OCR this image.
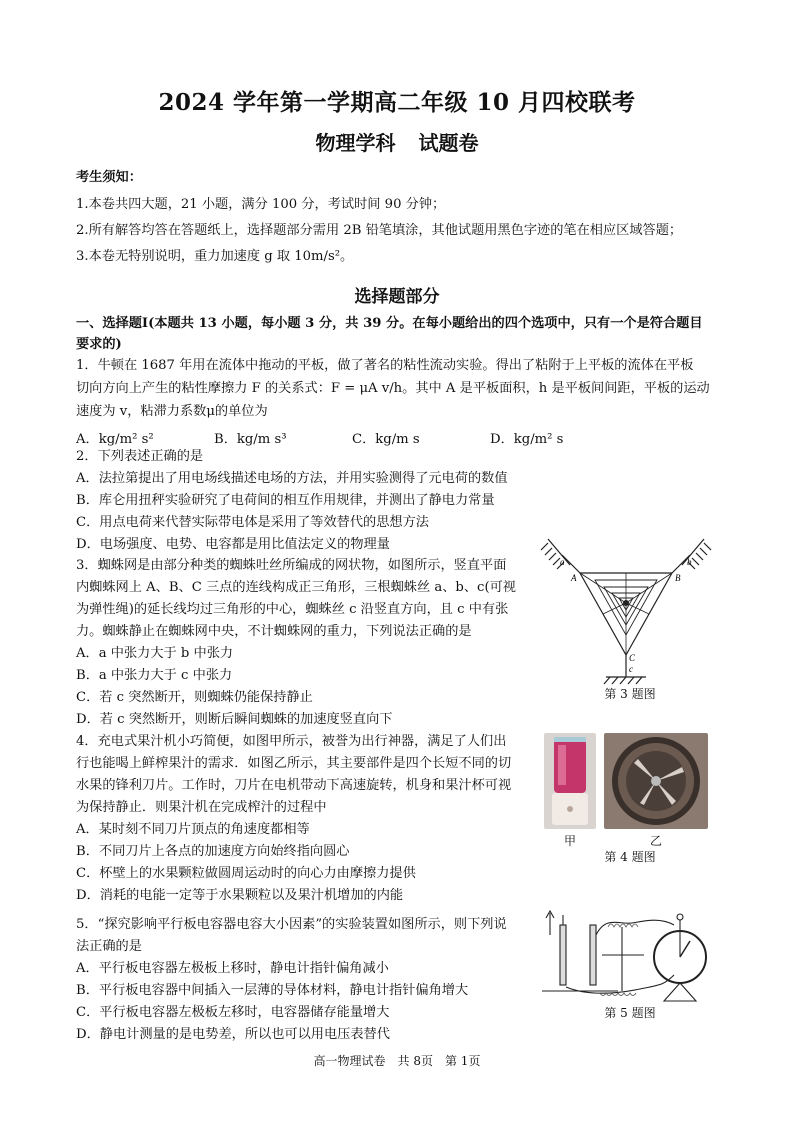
2024 学年第一学期高二年级 10 月四校联考
物理学科 试题卷
考生须知：
1.本卷共四大题，21 小题，满分 100 分，考试时间 90 分钟；
2.所有解答均答在答题纸上，选择题部分需用 2B 铅笔填涂，其他试题用黑色字迹的笔在相应区域答题；
3.本卷无特别说明，重力加速度 g 取 10m/s²。
选择题部分
一、选择题Ⅰ(本题共 13 小题，每小题 3 分，共 39 分。在每小题给出的四个选项中，只有一个是符合题目
要求的)
1．牛顿在 1687 年用在流体中拖动的平板，做了著名的粘性流动实验。得出了粘附于上平板的流体在平板
切向方向上产生的粘性摩擦力 F 的关系式：F = μA v/h。其中 A 是平板面积，h 是平板间间距，平板的运动
速度为 v，粘滞力系数μ的单位为
A．kg/m² s²	B．kg/m s³	C．kg/m s	D．kg/m² s
2．下列表述正确的是
A．法拉第提出了用电场线描述电场的方法，并用实验测得了元电荷的数值
B．库仑用扭秤实验研究了电荷间的相互作用规律，并测出了静电力常量
C．用点电荷来代替实际带电体是采用了等效替代的思想方法
D．电场强度、电势、电容都是用比值法定义的物理量
3．蜘蛛网是由部分种类的蜘蛛吐丝所编成的网状物，如图所示，竖直平面
内蜘蛛网上 A、B、C 三点的连线构成正三角形，三根蜘蛛丝 a、b、c(可视
为弹性绳)的延长线均过三角形的中心，蜘蛛丝 c 沿竖直方向，且 c 中有张
力。蜘蛛静止在蜘蛛网中央，不计蜘蛛网的重力，下列说法正确的是
A．a 中张力大于 b 中张力
B．a 中张力大于 c 中张力
C．若 c 突然断开，则蜘蛛仍能保持静止
D．若 c 突然断开，则断后瞬间蜘蛛的加速度竖直向下
a	b
A	B
C
c
第 3 题图
4．充电式果汁机小巧简便，如图甲所示，被誉为出行神器，满足了人们出
行也能喝上鲜榨果汁的需求．如图乙所示，其主要部件是四个长短不同的切
水果的锋利刀片。工作时，刀片在电机带动下高速旋转，机身和果汁杯可视
为保持静止．则果汁机在完成榨汁的过程中
A．某时刻不同刀片顶点的角速度都相等
B．不同刀片上各点的加速度方向始终指向圆心
C．杯壁上的水果颗粒做圆周运动时的向心力由摩擦力提供
D．消耗的电能一定等于水果颗粒以及果汁机增加的内能
甲	乙
第 4 题图
5．“探究影响平行板电容器电容大小因素”的实验装置如图所示，则下列说
法正确的是
A．平行板电容器左极板上移时，静电计指针偏角减小
B．平行板电容器中间插入一层薄的导体材料，静电计指针偏角增大
C．平行板电容器左极板左移时，电容器储存能量增大
D．静电计测量的是电势差，所以也可以用电压表替代
第 5 题图
高一物理试卷　共 8页　第 1页
